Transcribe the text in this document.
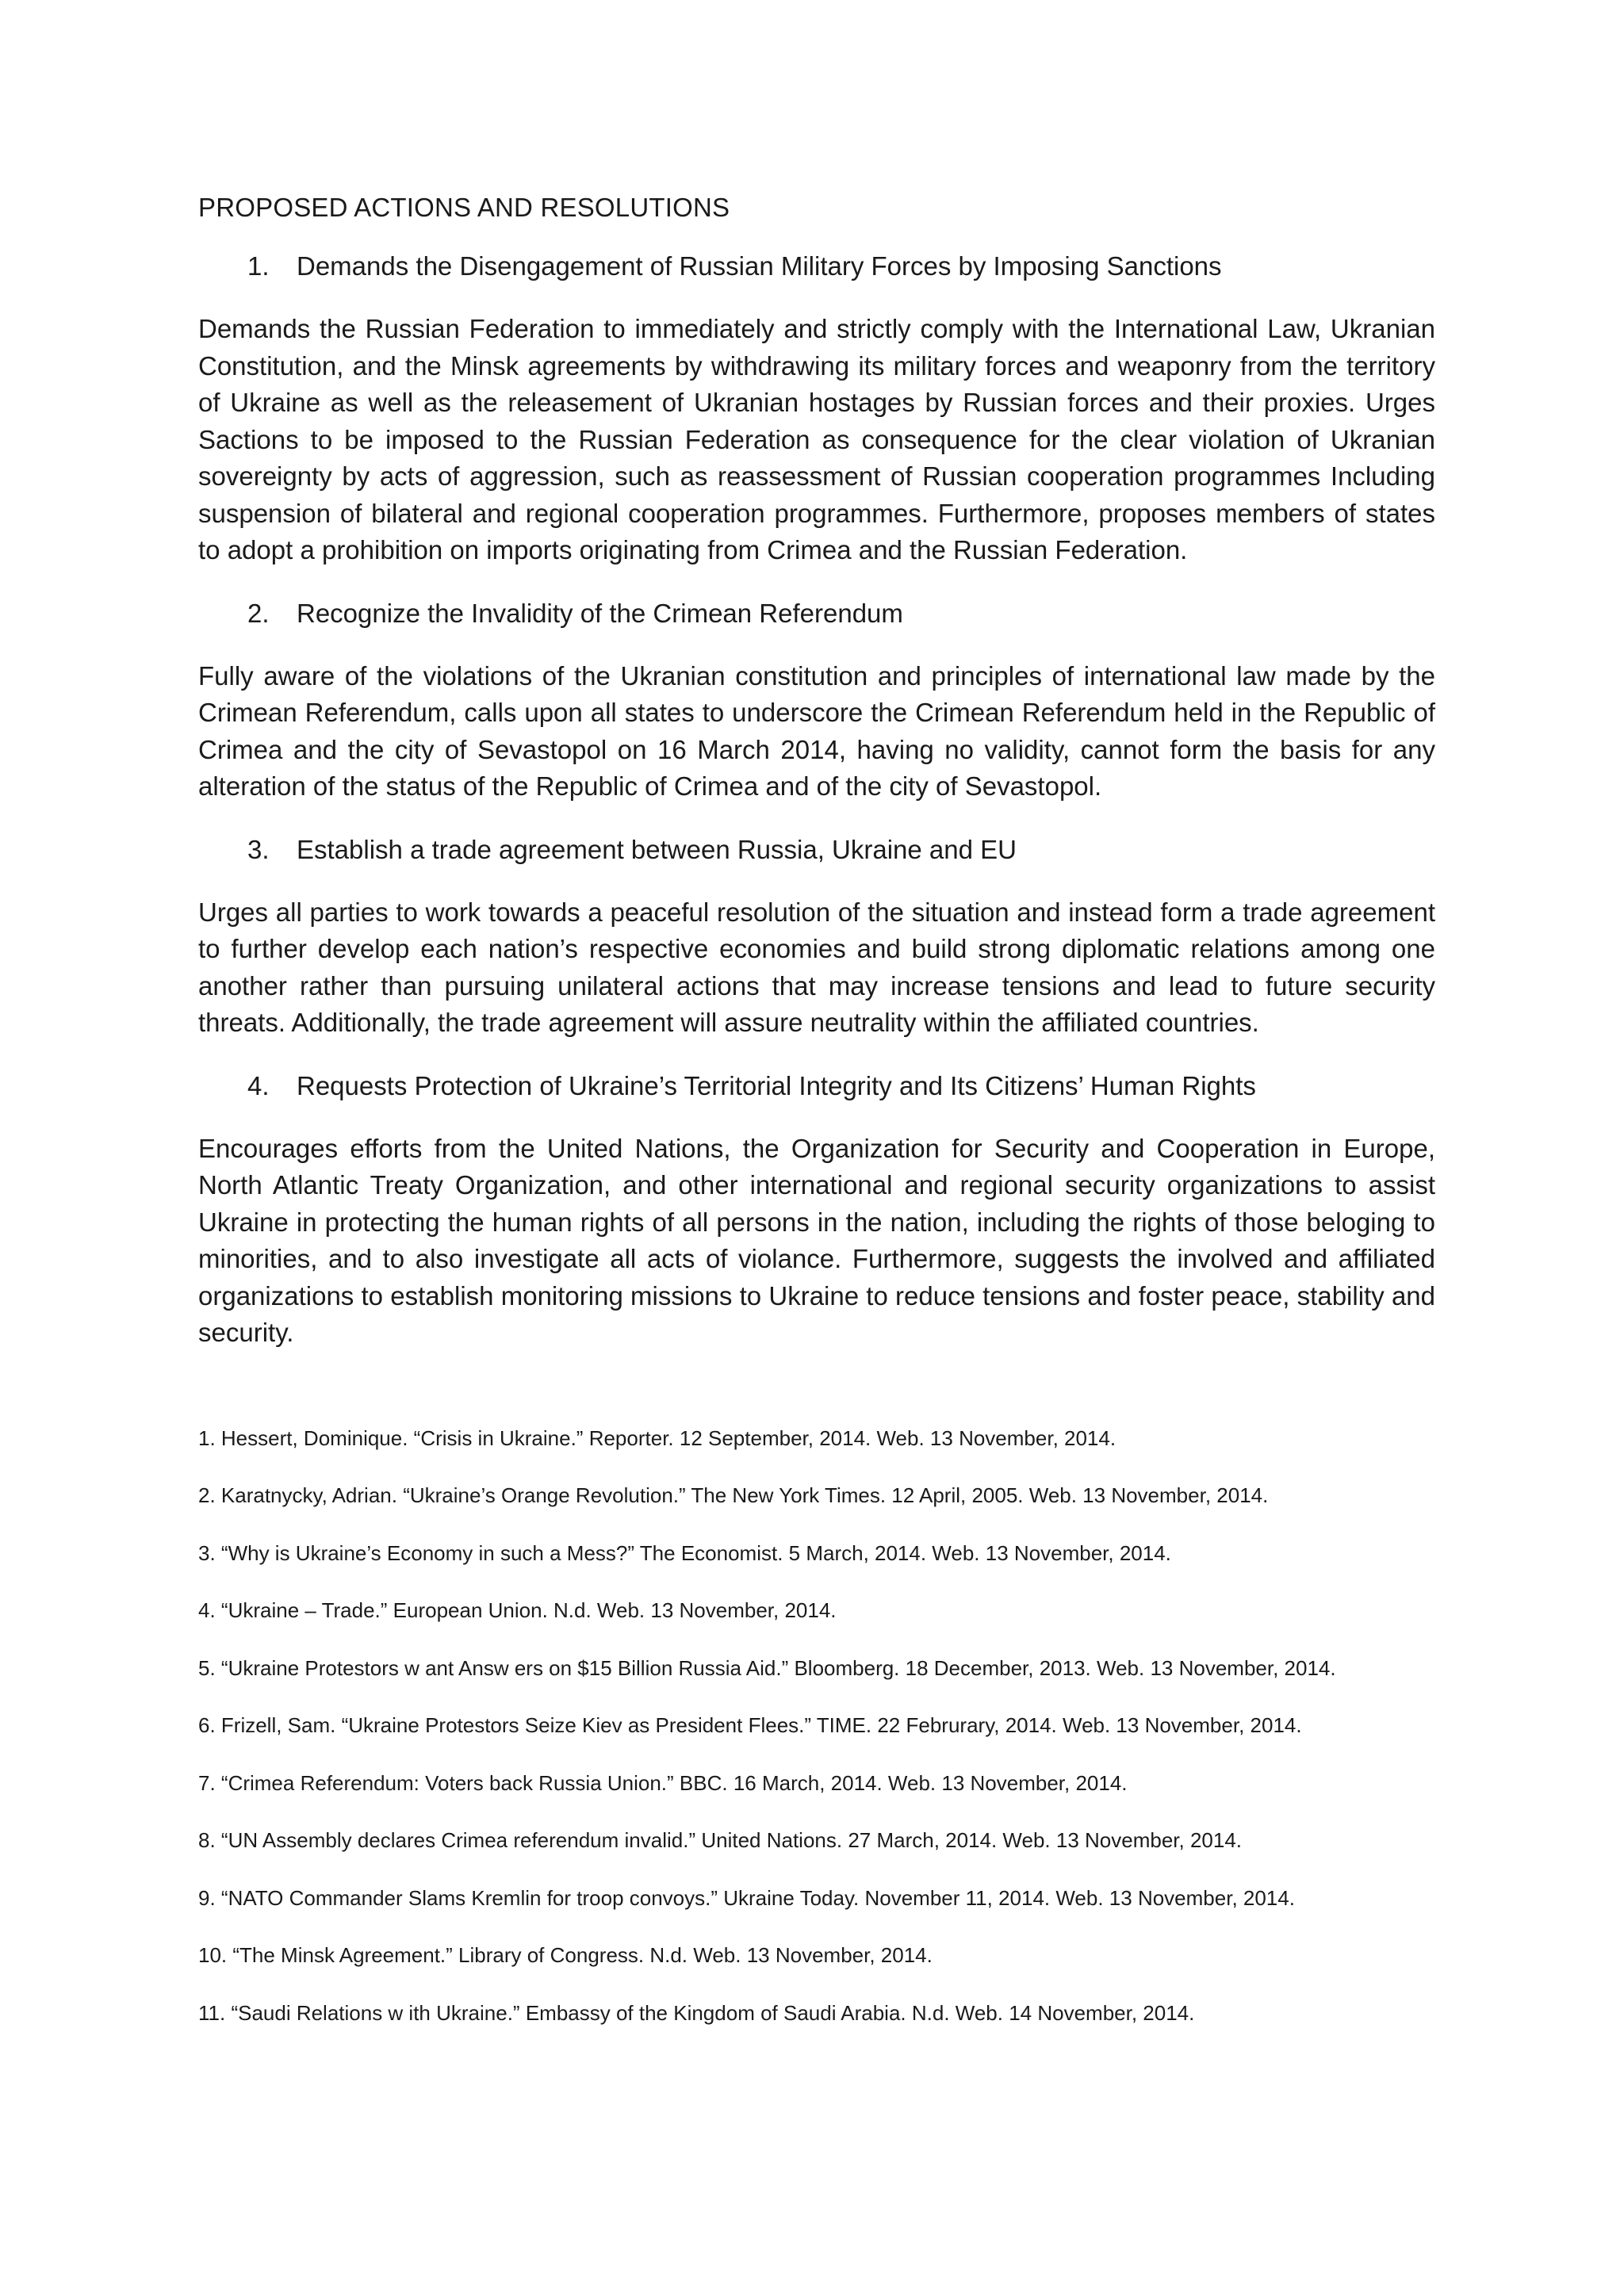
PROPOSED ACTIONS AND RESOLUTIONS
1.	Demands the Disengagement of Russian Military Forces by Imposing Sanctions

Demands the Russian Federation to immediately and strictly comply with the International Law, Ukranian Constitution, and the Minsk agreements by withdrawing its military forces and weaponry from the territory of Ukraine as well as the releasement of Ukranian hostages by Russian forces and their proxies. Urges Sactions to be imposed to the Russian Federation as consequence for the clear violation of Ukranian sovereignty by acts of aggression, such as reassessment of Russian cooperation programmes Including suspension of bilateral and regional cooperation programmes. Furthermore, proposes members of states to adopt a prohibition on imports originating from Crimea and the Russian Federation.

2.	Recognize the Invalidity of the Crimean Referendum

Fully aware of the violations of the Ukranian constitution and principles of international law made by the Crimean Referendum, calls upon all states to underscore the Crimean Referendum held in the Republic of Crimea and the city of Sevastopol on 16 March 2014, having no validity, cannot form the basis for any alteration of the status of the Republic of Crimea and of the city of Sevastopol.

3.	Establish a trade agreement between Russia, Ukraine and EU

Urges all parties to work towards a peaceful resolution of the situation and instead form a trade agreement to further develop each nation’s respective economies and build strong diplomatic relations among one another rather than pursuing unilateral actions that may increase tensions and lead to future security threats. Additionally, the trade agreement will assure neutrality within the affiliated countries.

4.	Requests Protection of Ukraine’s Territorial Integrity and Its Citizens’ Human Rights

Encourages efforts from the United Nations, the Organization for Security and Cooperation in Europe, North Atlantic Treaty Organization, and other international and regional security organizations to assist Ukraine in protecting the human rights of all persons in the nation, including the rights of those beloging to minorities, and to also investigate all acts of violance. Furthermore, suggests the involved and affiliated organizations to establish monitoring missions to Ukraine to reduce tensions and foster peace, stability and security.

1. Hessert, Dominique. “Crisis in Ukraine.” Reporter. 12 September, 2014. Web. 13 November, 2014.
2. Karatnycky, Adrian. “Ukraine’s Orange Revolution.” The New York Times. 12 April, 2005. Web. 13 November, 2014.
3. “Why is Ukraine’s Economy in such a Mess?” The Economist. 5 March, 2014. Web. 13 November, 2014.
4. “Ukraine – Trade.” European Union. N.d. Web. 13 November, 2014.
5. “Ukraine Protestors w ant Answ ers on $15 Billion Russia Aid.” Bloomberg. 18 December, 2013. Web. 13 November, 2014.
6. Frizell, Sam. “Ukraine Protestors Seize Kiev as President Flees.” TIME. 22 Februrary, 2014. Web. 13 November, 2014.
7. “Crimea Referendum: Voters back Russia Union.” BBC. 16 March, 2014. Web. 13 November, 2014.
8. “UN Assembly declares Crimea referendum invalid.” United Nations. 27 March, 2014. Web. 13 November, 2014.
9. “NATO Commander Slams Kremlin for troop convoys.” Ukraine Today. November 11, 2014. Web. 13 November, 2014.
10. “The Minsk Agreement.” Library of Congress. N.d. Web. 13 November, 2014.
11. “Saudi Relations w ith Ukraine.” Embassy of the Kingdom of Saudi Arabia. N.d. Web. 14 November, 2014.
